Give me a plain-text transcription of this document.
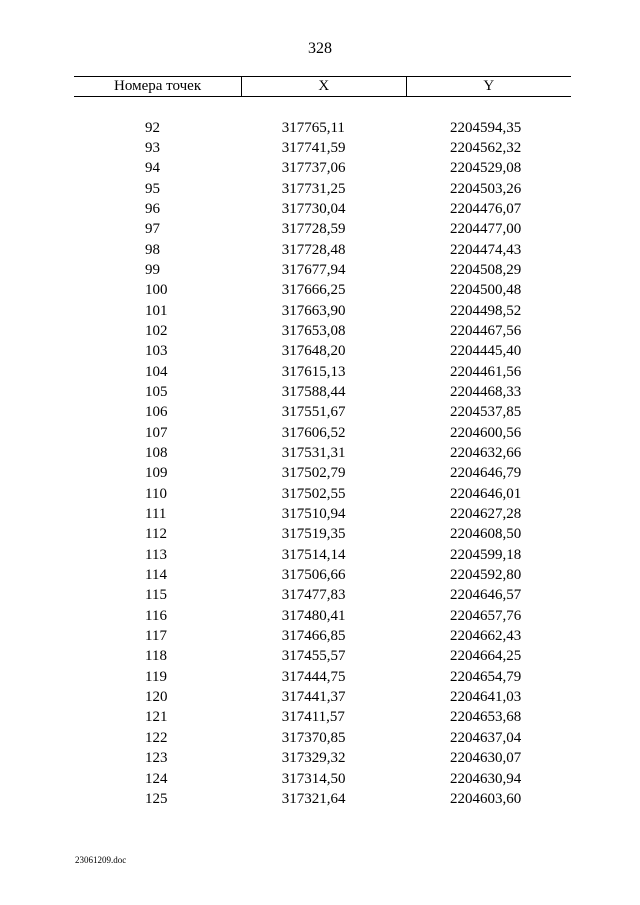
328
Номера точек	X	Y

92	317765,11	2204594,35
93	317741,59	2204562,32
94	317737,06	2204529,08
95	317731,25	2204503,26
96	317730,04	2204476,07
97	317728,59	2204477,00
98	317728,48	2204474,43
99	317677,94	2204508,29
100	317666,25	2204500,48
101	317663,90	2204498,52
102	317653,08	2204467,56
103	317648,20	2204445,40
104	317615,13	2204461,56
105	317588,44	2204468,33
106	317551,67	2204537,85
107	317606,52	2204600,56
108	317531,31	2204632,66
109	317502,79	2204646,79
110	317502,55	2204646,01
111	317510,94	2204627,28
112	317519,35	2204608,50
113	317514,14	2204599,18
114	317506,66	2204592,80
115	317477,83	2204646,57
116	317480,41	2204657,76
117	317466,85	2204662,43
118	317455,57	2204664,25
119	317444,75	2204654,79
120	317441,37	2204641,03
121	317411,57	2204653,68
122	317370,85	2204637,04
123	317329,32	2204630,07
124	317314,50	2204630,94
125	317321,64	2204603,60
23061209.doc
